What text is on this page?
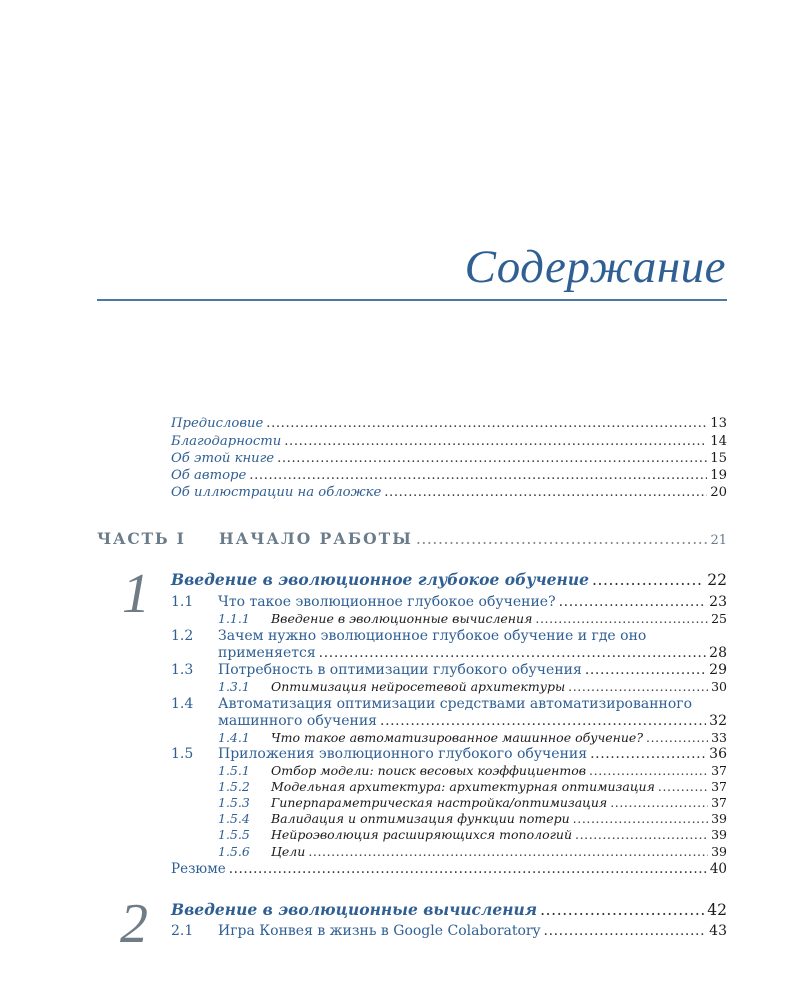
Содержание
Предисловие .....	13
Благодарности .....	14
Об этой книге .....	15
Об авторе .....	19
Об иллюстрации на обложке .....	20
ЧАСТЬ I	НАЧАЛО РАБОТЫ .....	21
1 Введение в эволюционное глубокое обучение .....	22
1.1	Что такое эволюционное глубокое обучение? .....	23
1.1.1	Введение в эволюционные вычисления .....	25
1.2	Зачем нужно эволюционное глубокое обучение и где оно
применяется .....	28
1.3	Потребность в оптимизации глубокого обучения .....	29
1.3.1	Оптимизация нейросетевой архитектуры .....	30
1.4	Автоматизация оптимизации средствами автоматизированного
машинного обучения .....	32
1.4.1	Что такое автоматизированное машинное обучение? .....	33
1.5	Приложения эволюционного глубокого обучения .....	36
1.5.1	Отбор модели: поиск весовых коэффициентов .....	37
1.5.2	Модельная архитектура: архитектурная оптимизация .....	37
1.5.3	Гиперпараметрическая настройка/оптимизация .....	37
1.5.4	Валидация и оптимизация функции потери .....	39
1.5.5	Нейроэволюция расширяющихся топологий .....	39
1.5.6	Цели .....	39
Резюме .....	40
2 Введение в эволюционные вычисления .....	42
2.1	Игра Конвея в жизнь в Google Colaboratory .....	43
